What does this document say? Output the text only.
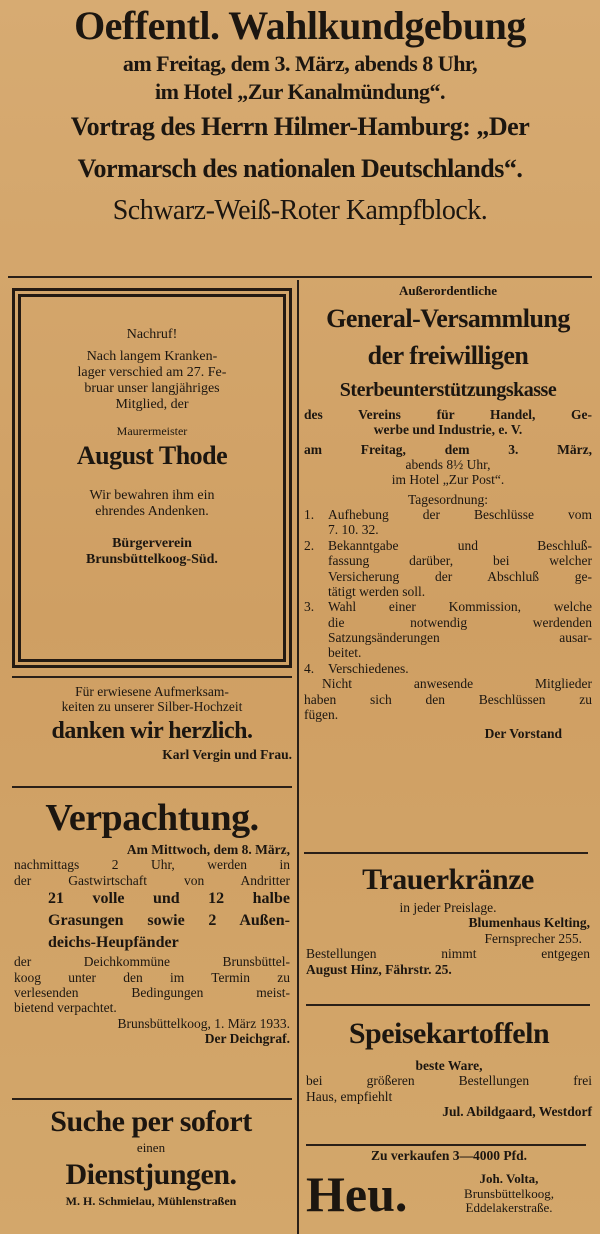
Oeffentl. Wahlkundgebung
am Freitag, dem 3. März, abends 8 Uhr,
im Hotel „Zur Kanalmündung“.
Vortrag des Herrn Hilmer-Hamburg: „Der
Vormarsch des nationalen Deutschlands“.
Schwarz-Weiß-Roter Kampfblock.
Nachruf!
Nach langem Kranken-
lager verschied am 27. Fe-
bruar unser langjähriges
Mitglied, der
Maurermeister
August Thode
Wir bewahren ihm ein
ehrendes Andenken.
Bürgerverein
Brunsbüttelkoog-Süd.
Für erwiesene Aufmerksam-
keiten zu unserer Silber-Hochzeit
danken wir herzlich.
Karl Vergin und Frau.
Verpachtung.
Am Mittwoch, dem 8. März,
nachmittags 2 Uhr, werden in
der Gastwirtschaft von Andritter
21 volle und 12 halbe
Grasungen sowie 2 Außen-
deichs-Heupfänder
der Deichkommüne Brunsbüttel-
koog unter den im Termin zu
verlesenden Bedingungen meist-
bietend verpachtet.
Brunsbüttelkoog, 1. März 1933.
Der Deichgraf.
Suche per sofort
einen
Dienstjungen.
M. H. Schmielau, Mühlenstraßen
Außerordentliche
General-Versammlung
der freiwilligen
Sterbeunterstützungskasse
des Vereins für Handel, Ge-
werbe und Industrie, e. V.
am Freitag, dem 3. März,
abends 8½ Uhr,
im Hotel „Zur Post“.
Tagesordnung:
1.	Aufhebung der Beschlüsse vom
7. 10. 32.
2.	Bekanntgabe und Beschluß-
fassung darüber, bei welcher
Versicherung der Abschluß ge-
tätigt werden soll.
3.	Wahl einer Kommission, welche
die notwendig werdenden
Satzungsänderungen ausar-
beitet.
4.	Verschiedenes.
Nicht anwesende Mitglieder
haben sich den Beschlüssen zu
fügen.
Der Vorstand
Trauerkränze
in jeder Preislage.
Blumenhaus Kelting,
Fernsprecher 255.
Bestellungen nimmt entgegen
August Hinz, Fährstr. 25.
Speisekartoffeln
beste Ware,
bei größeren Bestellungen frei
Haus, empfiehlt
Jul. Abildgaard, Westdorf
Zu verkaufen 3—4000 Pfd.
Heu.	Joh. Volta,
Brunsbüttelkoog,
Eddelakerstraße.
